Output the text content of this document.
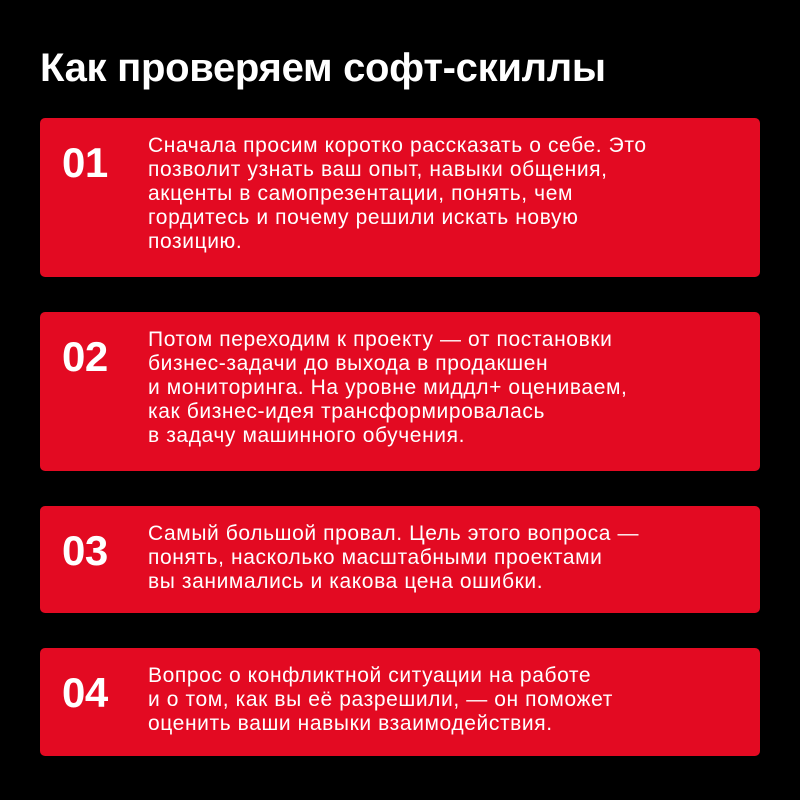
Как проверяем софт-скиллы
01 Сначала просим коротко рассказать о себе. Это
позволит узнать ваш опыт, навыки общения,
акценты в самопрезентации, понять, чем
гордитесь и почему решили искать новую
позицию.
02 Потом переходим к проекту — от постановки
бизнес-задачи до выхода в продакшен
и мониторинга. На уровне миддл+ оцениваем,
как бизнес-идея трансформировалась
в задачу машинного обучения.
03 Самый большой провал. Цель этого вопроса —
понять, насколько масштабными проектами
вы занимались и какова цена ошибки.
04 Вопрос о конфликтной ситуации на работе
и о том, как вы её разрешили, — он поможет
оценить ваши навыки взаимодействия.
